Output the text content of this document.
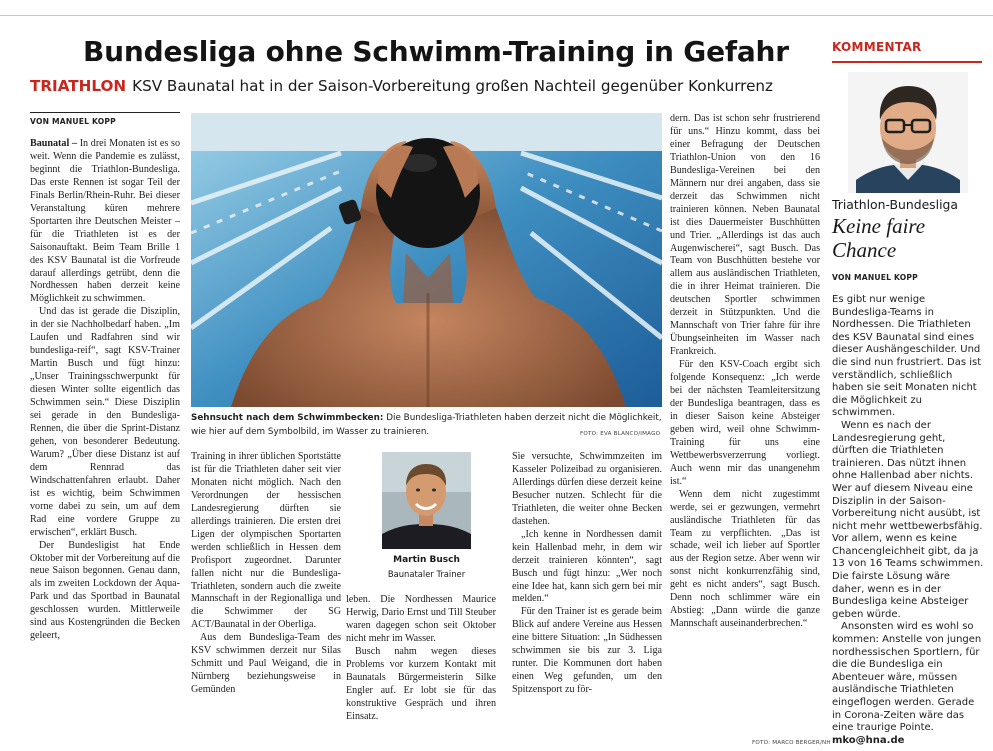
Bundesliga ohne Schwimm-Training in Gefahr
TRIATHLON KSV Baunatal hat in der Saison-Vorbereitung großen Nachteil gegenüber Konkurrenz
VON MANUEL KOPP

Baunatal – In drei Monaten ist es so weit. Wenn die Pandemie es zulässt, beginnt die Triathlon-Bundesliga. Das erste Rennen ist sogar Teil der Finals Berlin/Rhein-Ruhr. Bei dieser Veranstaltung küren mehrere Sportarten ihre Deutschen Meister – für die Triathleten ist es der Saisonauftakt. Beim Team Brille 1 des KSV Baunatal ist die Vorfreude darauf allerdings getrübt, denn die Nordhessen haben derzeit keine Möglichkeit zu schwimmen.

Und das ist gerade die Disziplin, in der sie Nachholbedarf haben. „Im Laufen und Radfahren sind wir bundesliga-reif“, sagt KSV-Trainer Martin Busch und fügt hinzu: „Unser Trainingsschwerpunkt für diesen Winter sollte eigentlich das Schwimmen sein.“ Diese Disziplin sei gerade in den Bundesliga-Rennen, die über die Sprint-Distanz gehen, von besonderer Bedeutung. Warum? „Über diese Distanz ist auf dem Rennrad das Windschattenfahren erlaubt. Daher ist es wichtig, beim Schwimmen vorne dabei zu sein, um auf dem Rad eine vordere Gruppe zu erwischen“, erklärt Busch.

Der Bundesligist hat Ende Oktober mit der Vorbereitung auf die neue Saison begonnen. Genau dann, als im zweiten Lockdown der Aqua-Park und das Sportbad in Baunatal geschlossen wurden. Mittlerweile sind aus Kostengründen die Becken geleert,

Sehnsucht nach dem Schwimmbecken: Die Bundesliga-Triathleten haben derzeit nicht die Möglichkeit, wie hier auf dem Symbolbild, im Wasser zu trainieren.	FOTO: EVA BLANCO/IMAGO

Training in ihrer üblichen Sportstätte ist für die Triathleten daher seit vier Monaten nicht möglich. Nach den Verordnungen der hessischen Landesregierung dürften sie allerdings trainieren. Die ersten drei Ligen der olympischen Sportarten werden schließlich in Hessen dem Profisport zugeordnet. Darunter fallen nicht nur die Bundesliga-Triathleten, sondern auch die zweite Mannschaft in der Regionalliga und die Schwimmer der SG ACT/Baunatal in der Oberliga.

Aus dem Bundesliga-Team des KSV schwimmen derzeit nur Silas Schmitt und Paul Weigand, die in Nürnberg beziehungsweise in Gemünden

Martin Busch
Baunataler Trainer

leben. Die Nordhessen Maurice Herwig, Dario Ernst und Till Steuber waren dagegen schon seit Oktober nicht mehr im Wasser.

Busch nahm wegen dieses Problems vor kurzem Kontakt mit Baunatals Bürgermeisterin Silke Engler auf. Er lobt sie für das konstruktive Gespräch und ihren Einsatz.

Sie versuchte, Schwimmzeiten im Kasseler Polizeibad zu organisieren. Allerdings dürfen diese derzeit keine Besucher nutzen. Schlecht für die Triathleten, die weiter ohne Becken dastehen.

„Ich kenne in Nordhessen damit kein Hallenbad mehr, in dem wir derzeit trainieren könnten“, sagt Busch und fügt hinzu: „Wer noch eine Idee hat, kann sich gern bei mir melden.“

Für den Trainer ist es gerade beim Blick auf andere Vereine aus Hessen eine bittere Situation: „In Südhessen schwimmen sie bis zur 3. Liga runter. Die Kommunen dort haben einen Weg gefunden, um den Spitzensport zu för-

dern. Das ist schon sehr frustrierend für uns.“ Hinzu kommt, dass bei einer Befragung der Deutschen Triathlon-Union von den 16 Bundesliga-Vereinen bei den Männern nur drei angaben, dass sie derzeit das Schwimmen nicht trainieren können. Neben Baunatal ist dies Dauermeister Buschhütten und Trier. „Allerdings ist das auch Augenwischerei“, sagt Busch. Das Team von Buschhütten bestehe vor allem aus ausländischen Triathleten, die in ihrer Heimat trainieren. Die deutschen Sportler schwimmen derzeit in Stützpunkten. Und die Mannschaft von Trier fahre für ihre Übungseinheiten im Wasser nach Frankreich.

Für den KSV-Coach ergibt sich folgende Konsequenz: „Ich werde bei der nächsten Teamleitersitzung der Bundesliga beantragen, dass es in dieser Saison keine Absteiger geben wird, weil ohne Schwimm-Training für uns eine Wettbewerbsverzerrung vorliegt. Auch wenn mir das unangenehm ist.“

Wenn dem nicht zugestimmt werde, sei er gezwungen, vermehrt ausländische Triathleten für das Team zu verpflichten. „Das ist schade, weil ich lieber auf Sportler aus der Region setze. Aber wenn wir sonst nicht konkurrenzfähig sind, geht es nicht anders“, sagt Busch. Denn noch schlimmer wäre ein Abstieg: „Dann würde die ganze Mannschaft auseinanderbrechen.“

FOTO: MARCO BERGER/NH
KOMMENTAR
Triathlon-Bundesliga
Keine faire Chance
VON MANUEL KOPP

Es gibt nur wenige Bundesliga-Teams in Nordhessen. Die Triathleten des KSV Baunatal sind eines dieser Aushängeschilder. Und die sind nun frustriert. Das ist verständlich, schließlich haben sie seit Monaten nicht die Möglichkeit zu schwimmen.

Wenn es nach der Landesregierung geht, dürften die Triathleten trainieren. Das nützt ihnen ohne Hallenbad aber nichts. Wer auf diesem Niveau eine Disziplin in der Saison-Vorbereitung nicht ausübt, ist nicht mehr wettbewerbsfähig. Vor allem, wenn es keine Chancengleichheit gibt, da ja 13 von 16 Teams schwimmen. Die fairste Lösung wäre daher, wenn es in der Bundesliga keine Absteiger geben würde.

Ansonsten wird es wohl so kommen: Anstelle von jungen nordhessischen Sportlern, für die die Bundesliga ein Abenteuer wäre, müssen ausländische Triathleten eingeflogen werden. Gerade in Corona-Zeiten wäre das eine traurige Pointe. mko@hna.de
